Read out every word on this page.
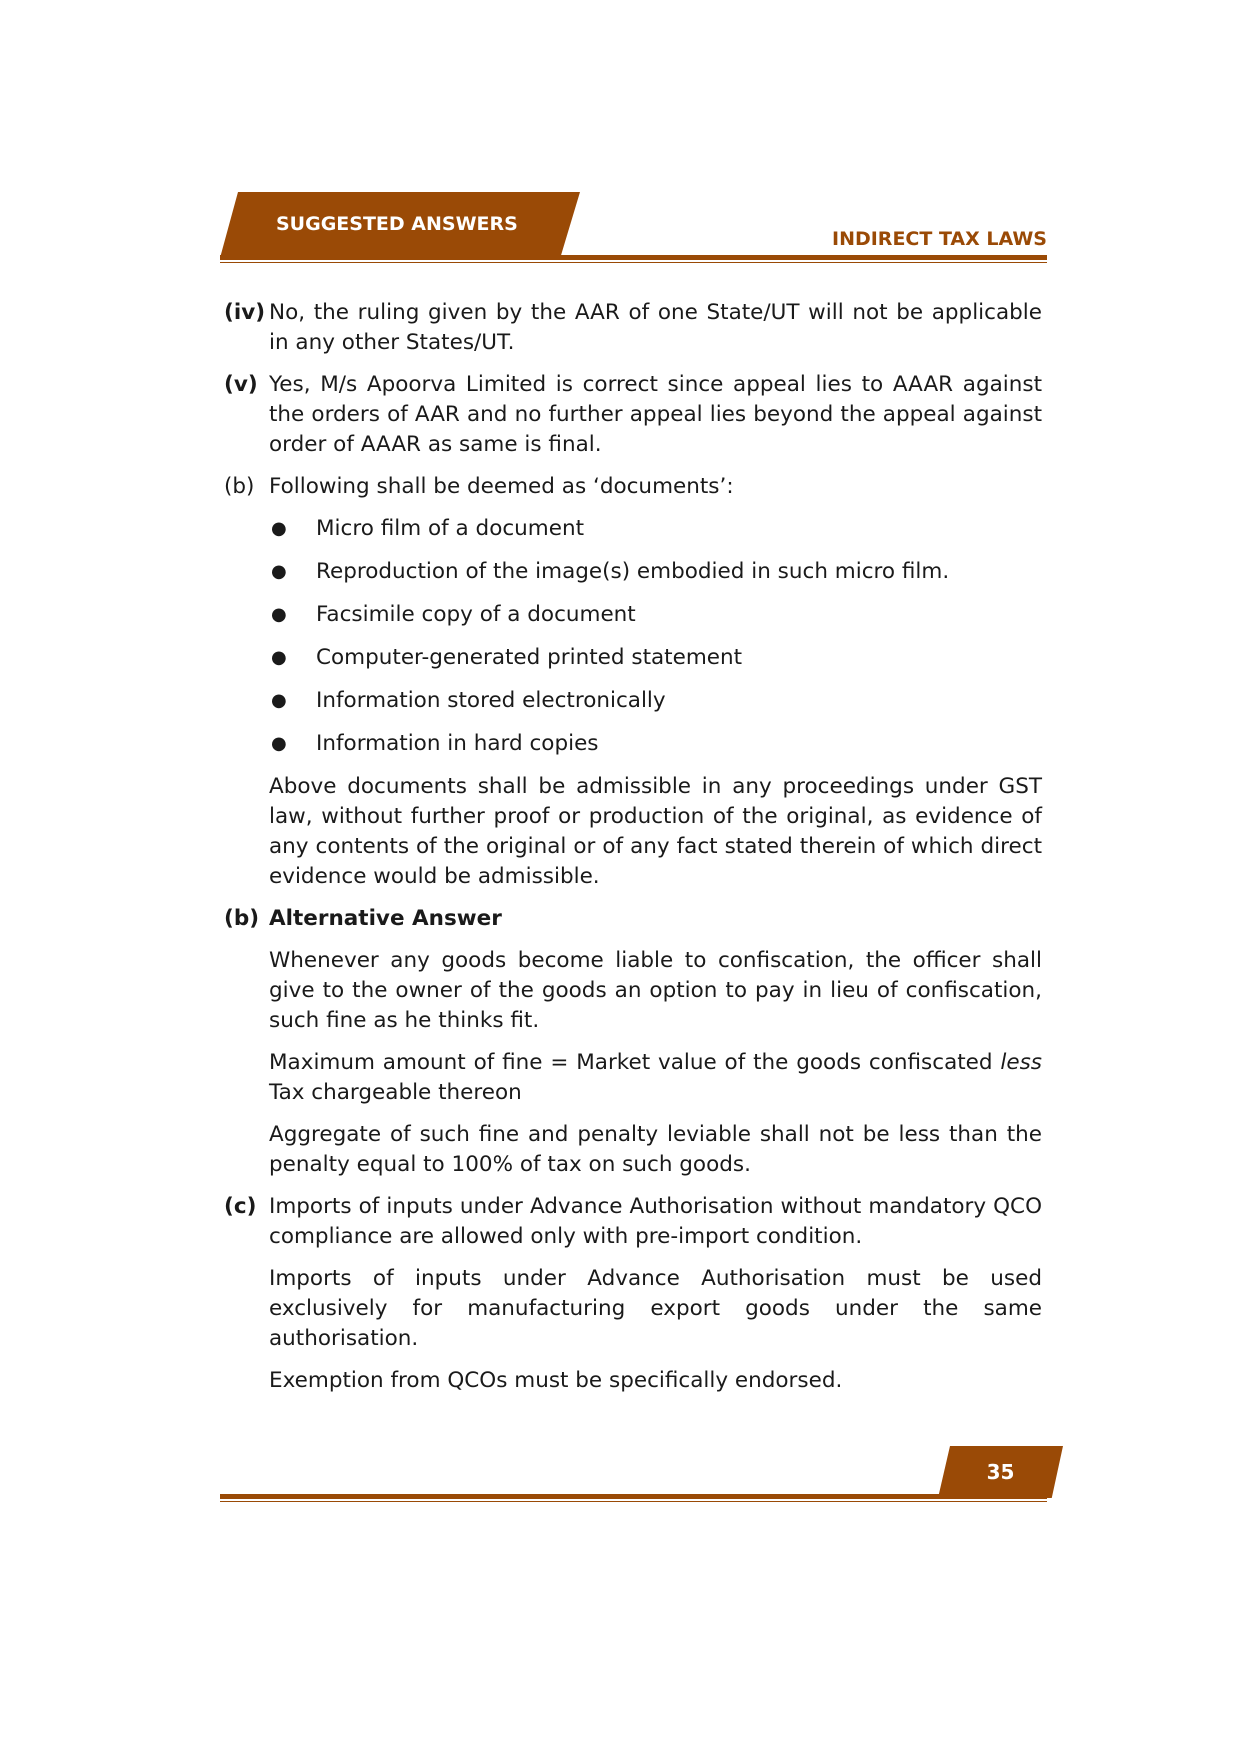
SUGGESTED ANSWERS
INDIRECT TAX LAWS
(iv) No, the ruling given by the AAR of one State/UT will not be applicable in any other States/UT.
(v) Yes, M/s Apoorva Limited is correct since appeal lies to AAAR against the orders of AAR and no further appeal lies beyond the appeal against order of AAAR as same is final.
(b) Following shall be deemed as ‘documents’:
●	Micro film of a document
●	Reproduction of the image(s) embodied in such micro film.
●	Facsimile copy of a document
●	Computer-generated printed statement
●	Information stored electronically
●	Information in hard copies
Above documents shall be admissible in any proceedings under GST law, without further proof or production of the original, as evidence of any contents of the original or of any fact stated therein of which direct evidence would be admissible.
(b) Alternative Answer
Whenever any goods become liable to confiscation, the officer shall give to the owner of the goods an option to pay in lieu of confiscation, such fine as he thinks fit.
Maximum amount of fine = Market value of the goods confiscated less Tax chargeable thereon
Aggregate of such fine and penalty leviable shall not be less than the penalty equal to 100% of tax on such goods.
(c) Imports of inputs under Advance Authorisation without mandatory QCO compliance are allowed only with pre-import condition.
Imports of inputs under Advance Authorisation must be used exclusively for manufacturing export goods under the same authorisation.
Exemption from QCOs must be specifically endorsed.
35
